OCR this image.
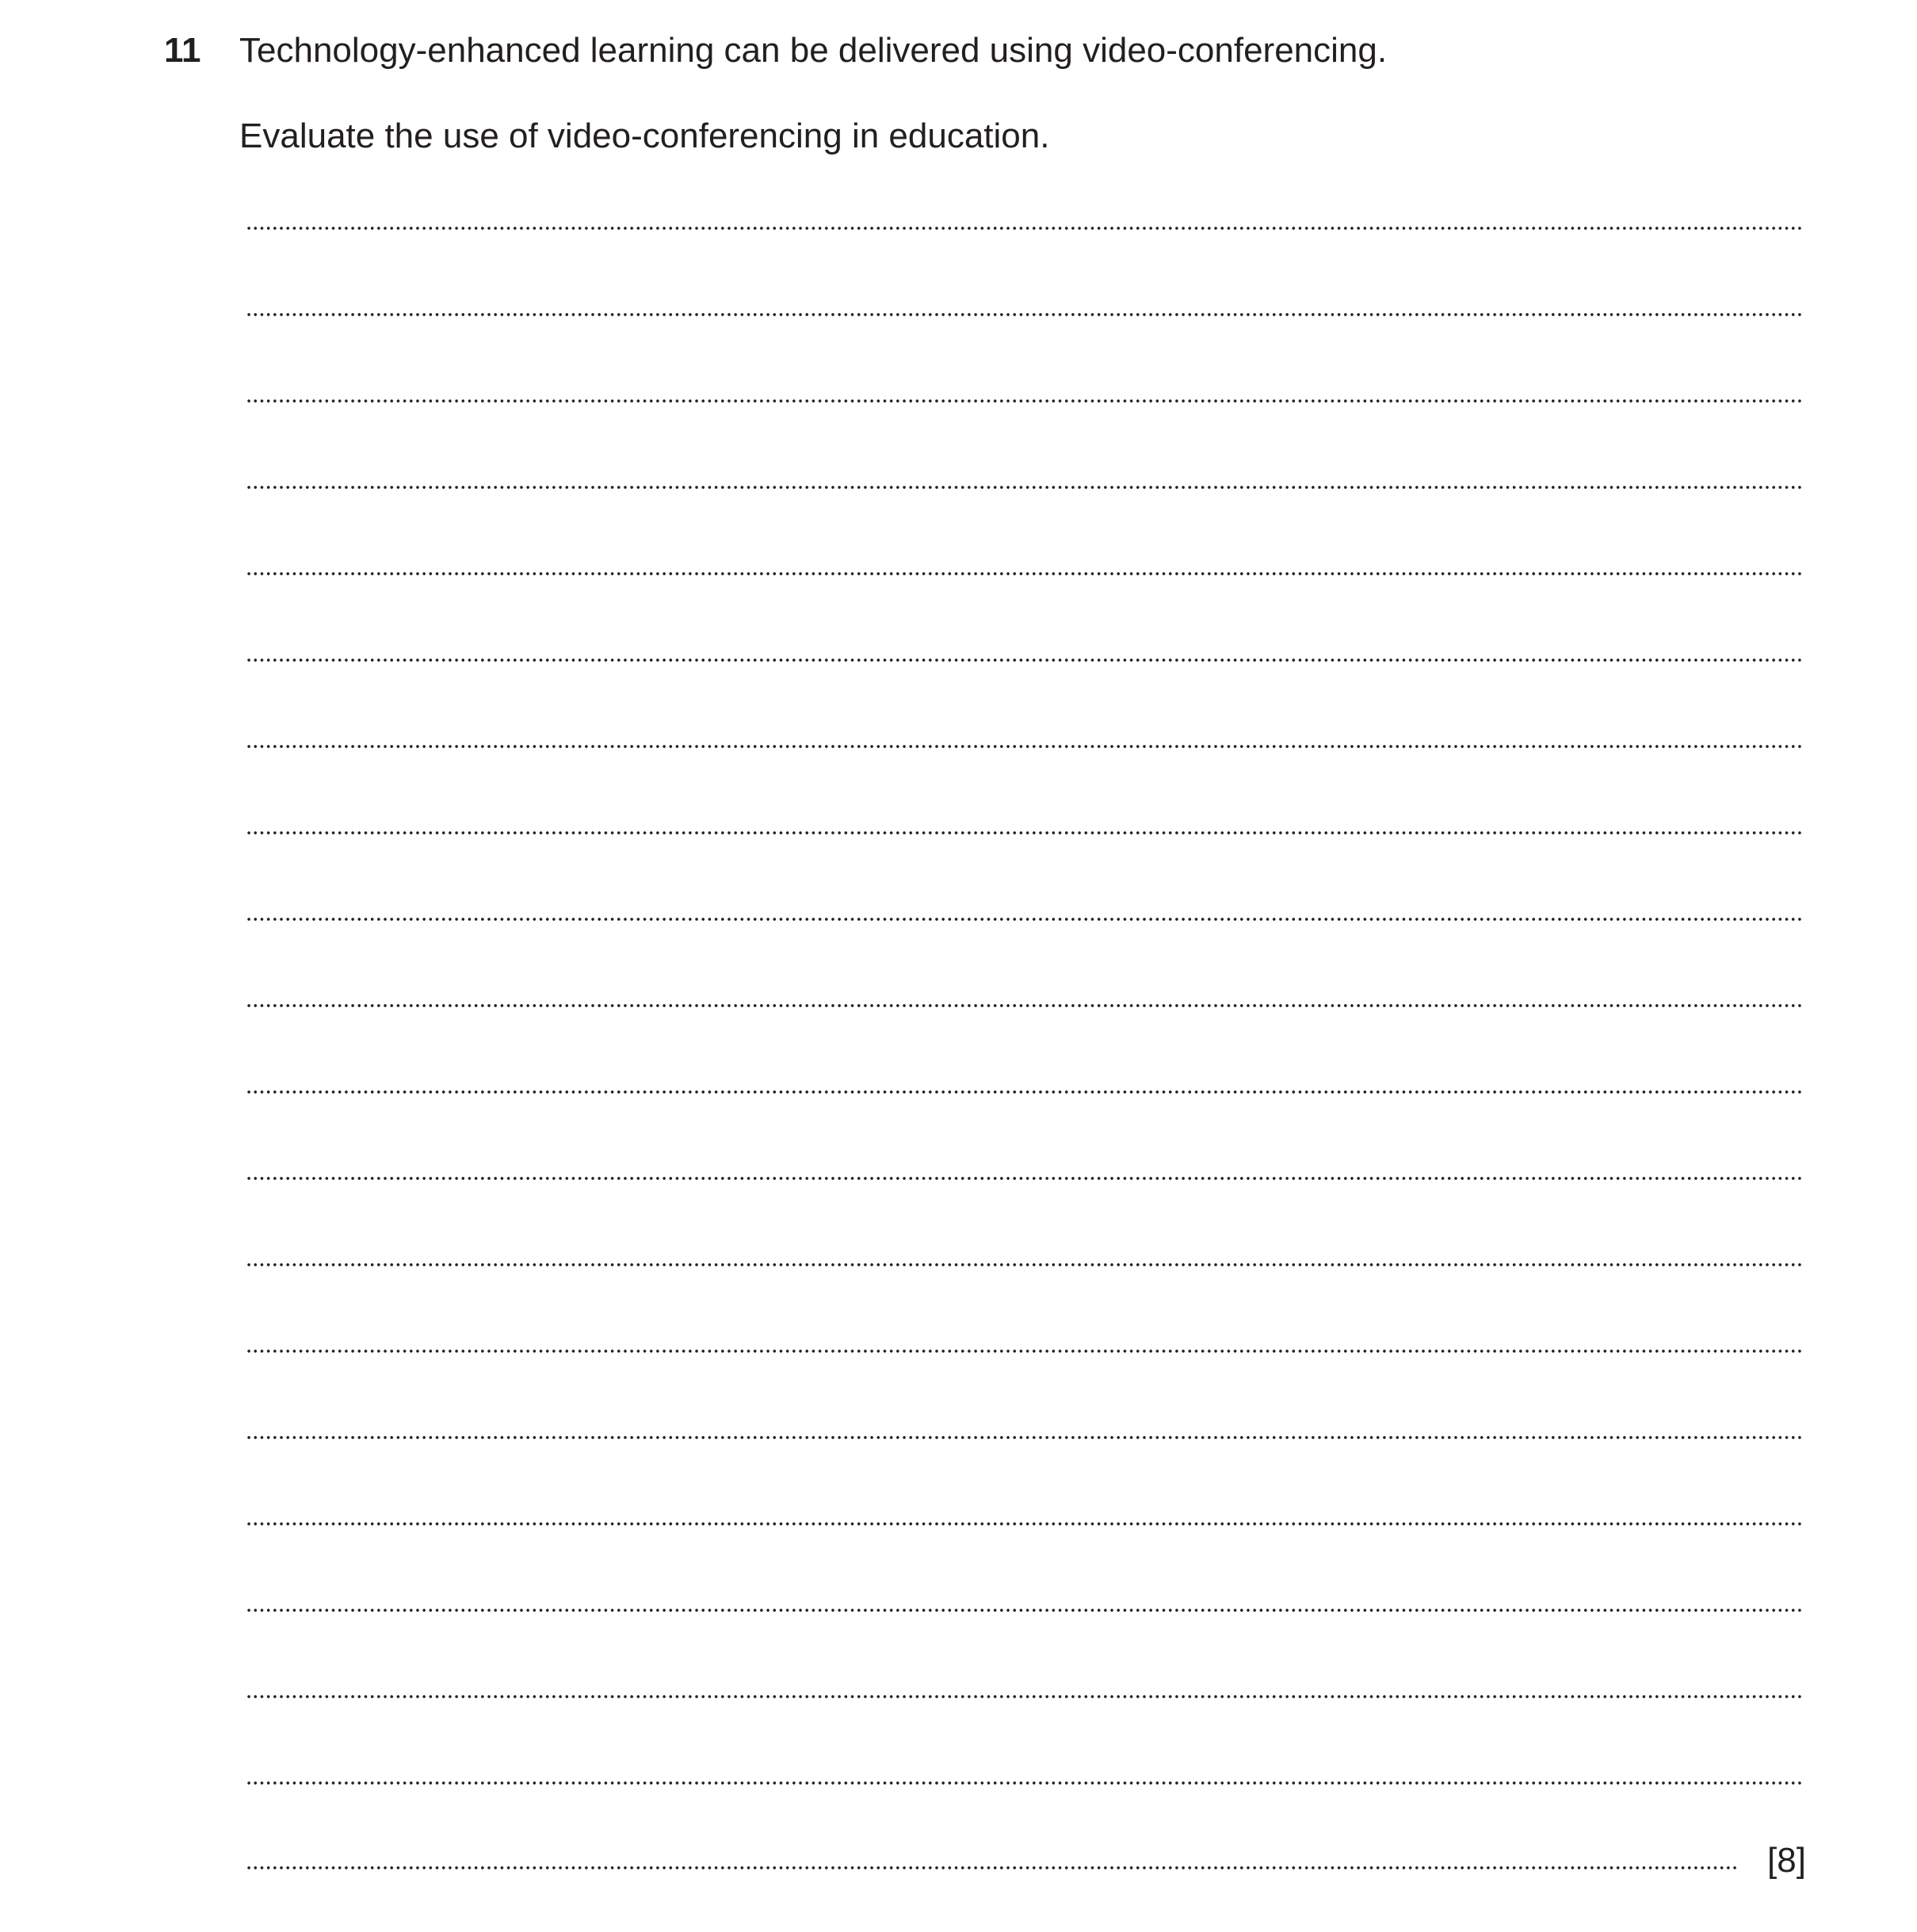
11 Technology-enhanced learning can be delivered using video-conferencing.
Evaluate the use of video-conferencing in education.
[8]
